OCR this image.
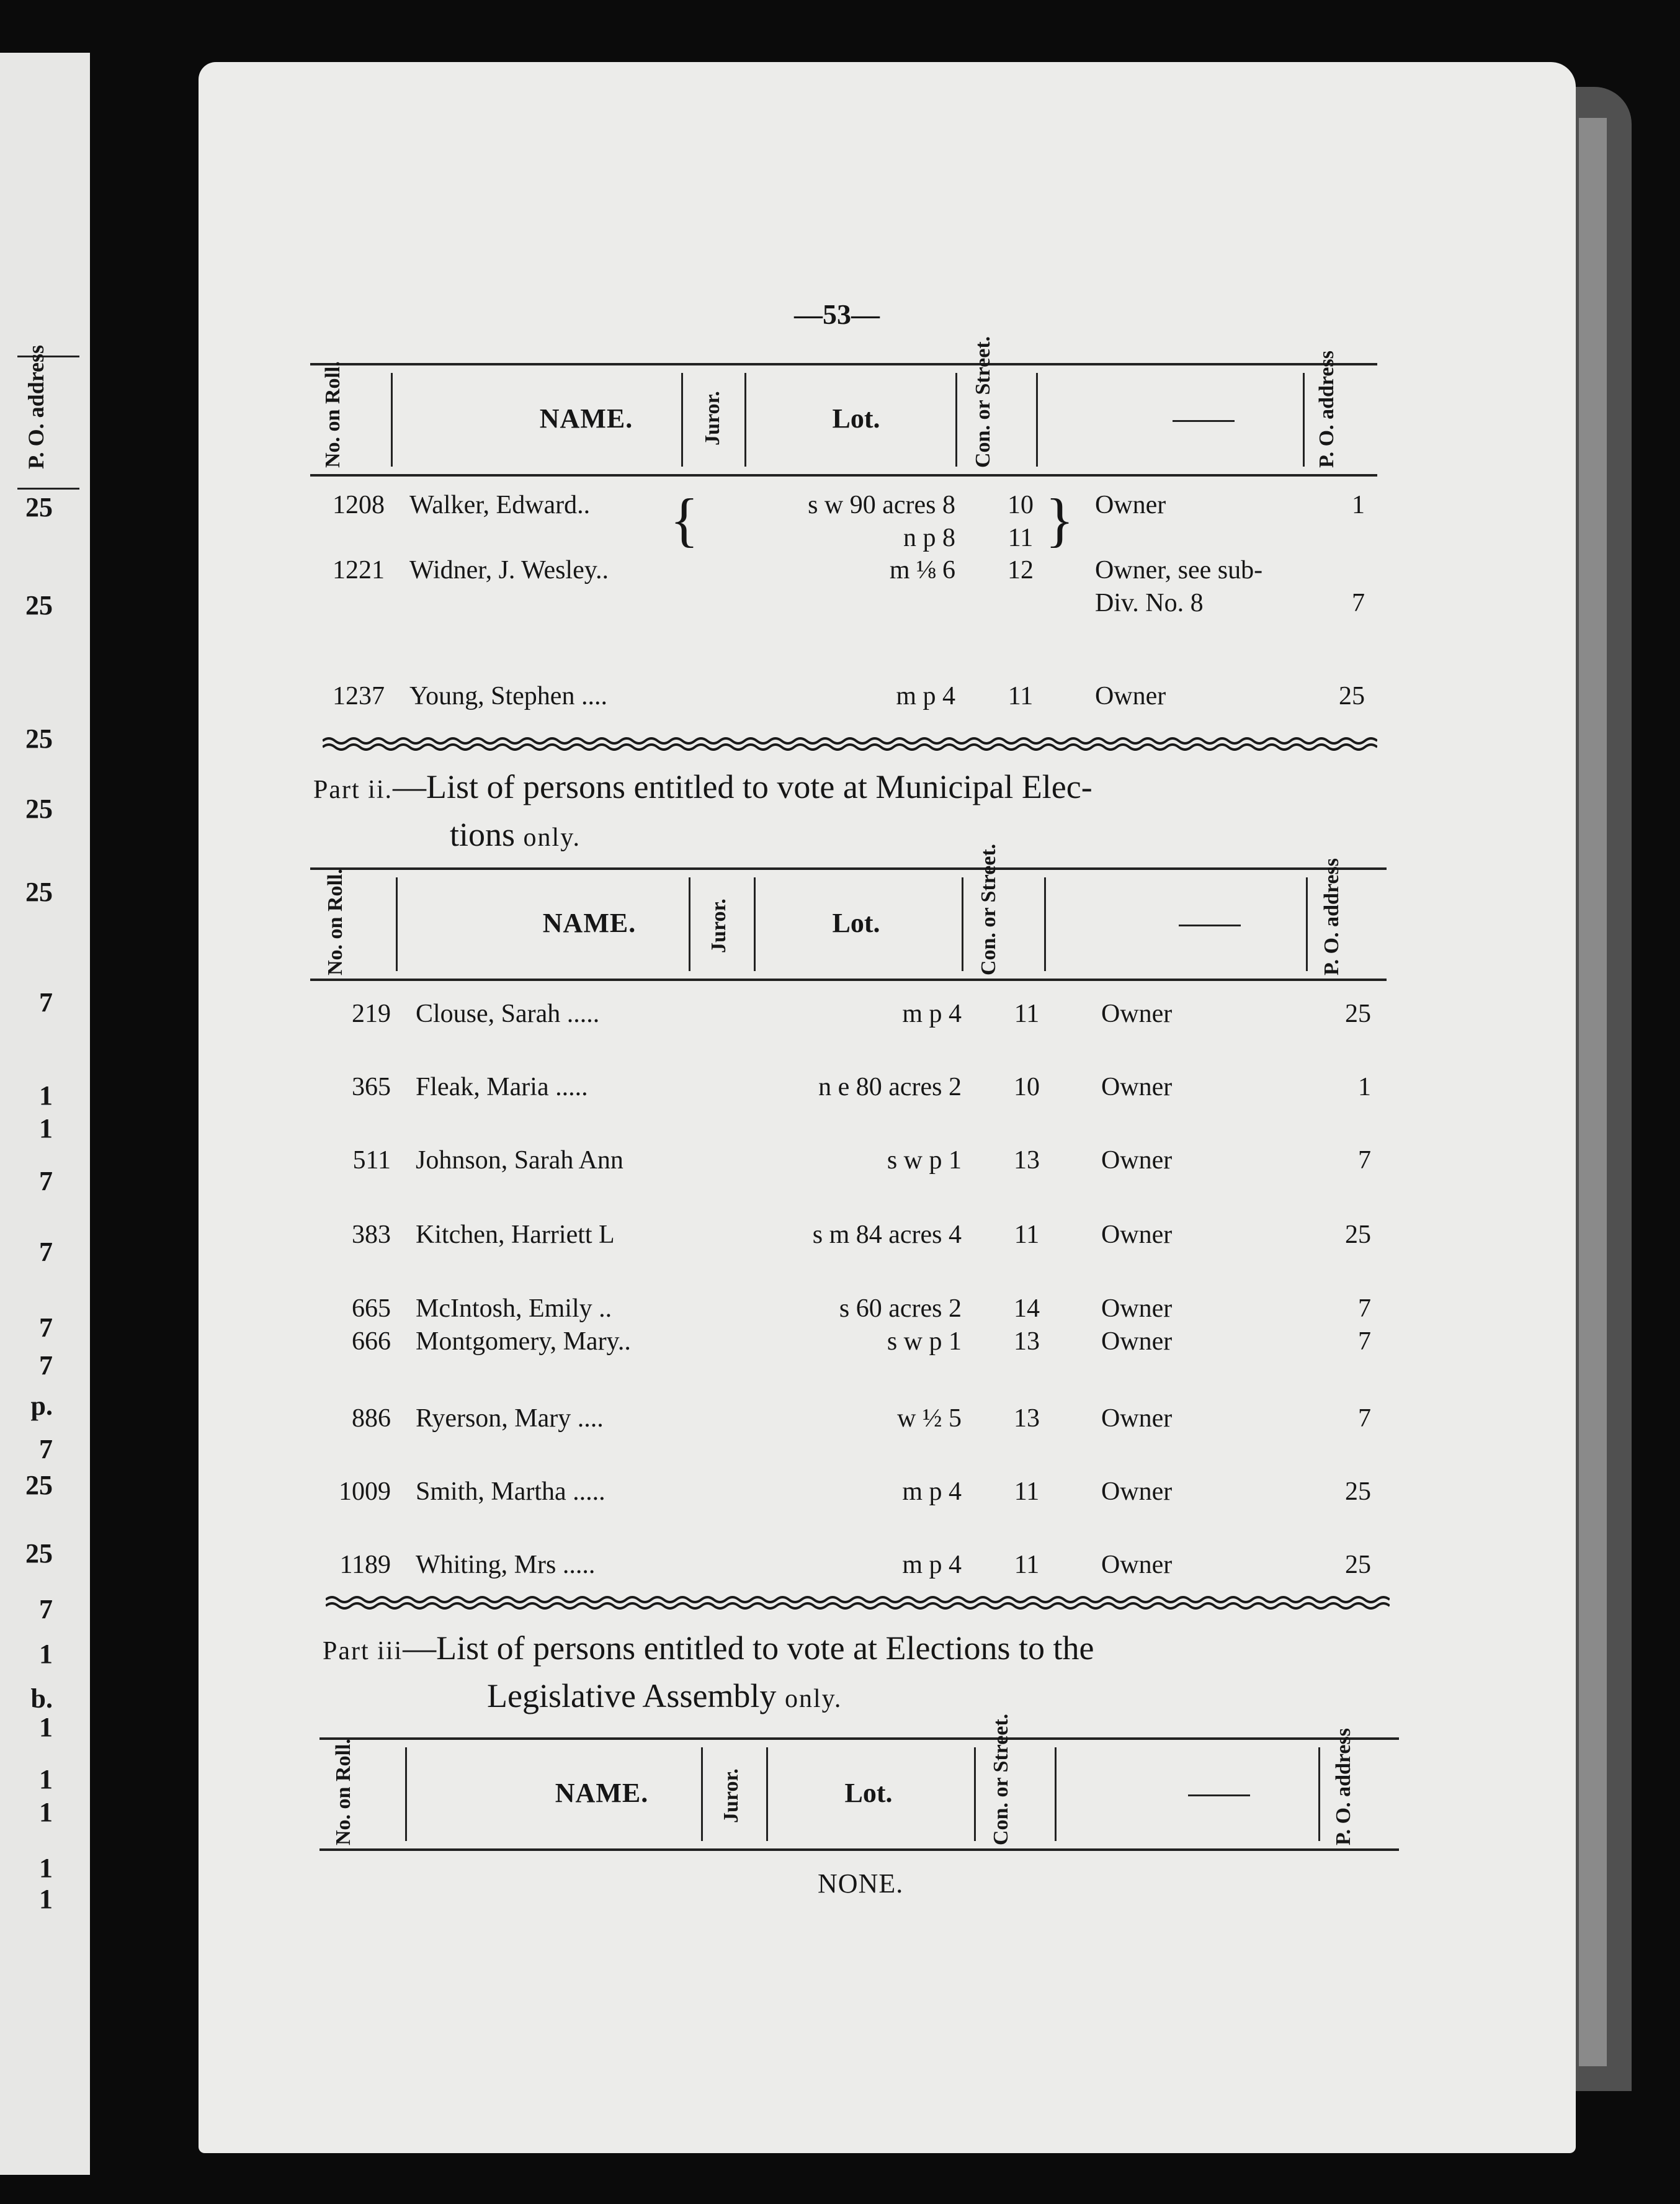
P. O. address
25
25
25
25
25
7
1
1
7
7
7
7
p.
7
25
25
7
1
b.
1
1
1
1
1
—53—
No. on Roll.	NAME.	Juror.	Lot.	Con. or Street.	P. O. address
1208 Walker, Edward..	s w 90 acres 8	10	Owner	1
n p 8	11
1221 Widner, J. Wesley..	m ⅛ 6	12	Owner, see sub-
Div. No. 8	7
1237 Young, Stephen ....	m p 4	11	Owner	25
{	}
Part ii.—List of persons entitled to vote at Municipal Elec-
tions only.
No. on Roll.	NAME.	Juror.	Lot.	Con. or Street.	P. O. address
219 Clouse, Sarah .....	m p 4	11	Owner	25
365 Fleak, Maria .....	n e 80 acres 2	10	Owner	1
511 Johnson, Sarah Ann	s w p 1	13	Owner	7
383 Kitchen, Harriett L	s m 84 acres 4	11	Owner	25
665 McIntosh, Emily ..	s 60 acres 2	14	Owner	7
666 Montgomery, Mary..	s w p 1	13	Owner	7
886 Ryerson, Mary ....	w ½ 5	13	Owner	7
1009 Smith, Martha .....	m p 4	11	Owner	25
1189 Whiting, Mrs .....	m p 4	11	Owner	25
Part iii—List of persons entitled to vote at Elections to the
Legislative Assembly only.
No. on Roll.	NAME.	Juror.	Lot.	Con. or Street.	P. O. address
NONE.
